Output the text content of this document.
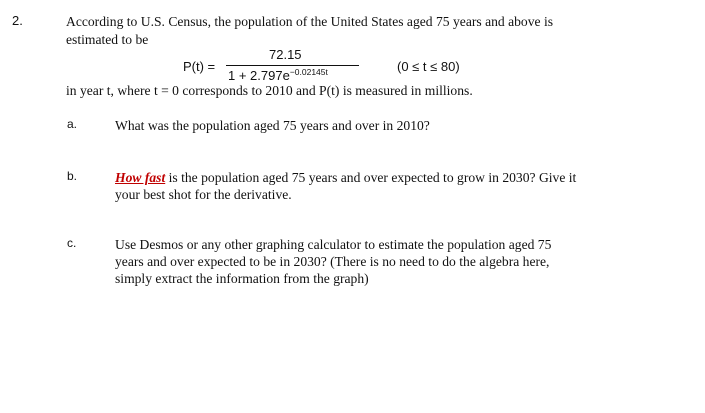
2.	According to U.S. Census, the population of the United States aged 75 years and above is
estimated to be
72.15
P(t) =
$1 + 2.797e^{-0.02145t}$	(0 ≤ t ≤ 80)
in year t, where t = 0 corresponds to 2010 and P(t) is measured in millions.
a.	What was the population aged 75 years and over in 2010?
b.	How fast is the population aged 75 years and over expected to grow in 2030? Give it
your best shot for the derivative.
c.	Use Desmos or any other graphing calculator to estimate the population aged 75
years and over expected to be in 2030? (There is no need to do the algebra here,
simply extract the information from the graph)
